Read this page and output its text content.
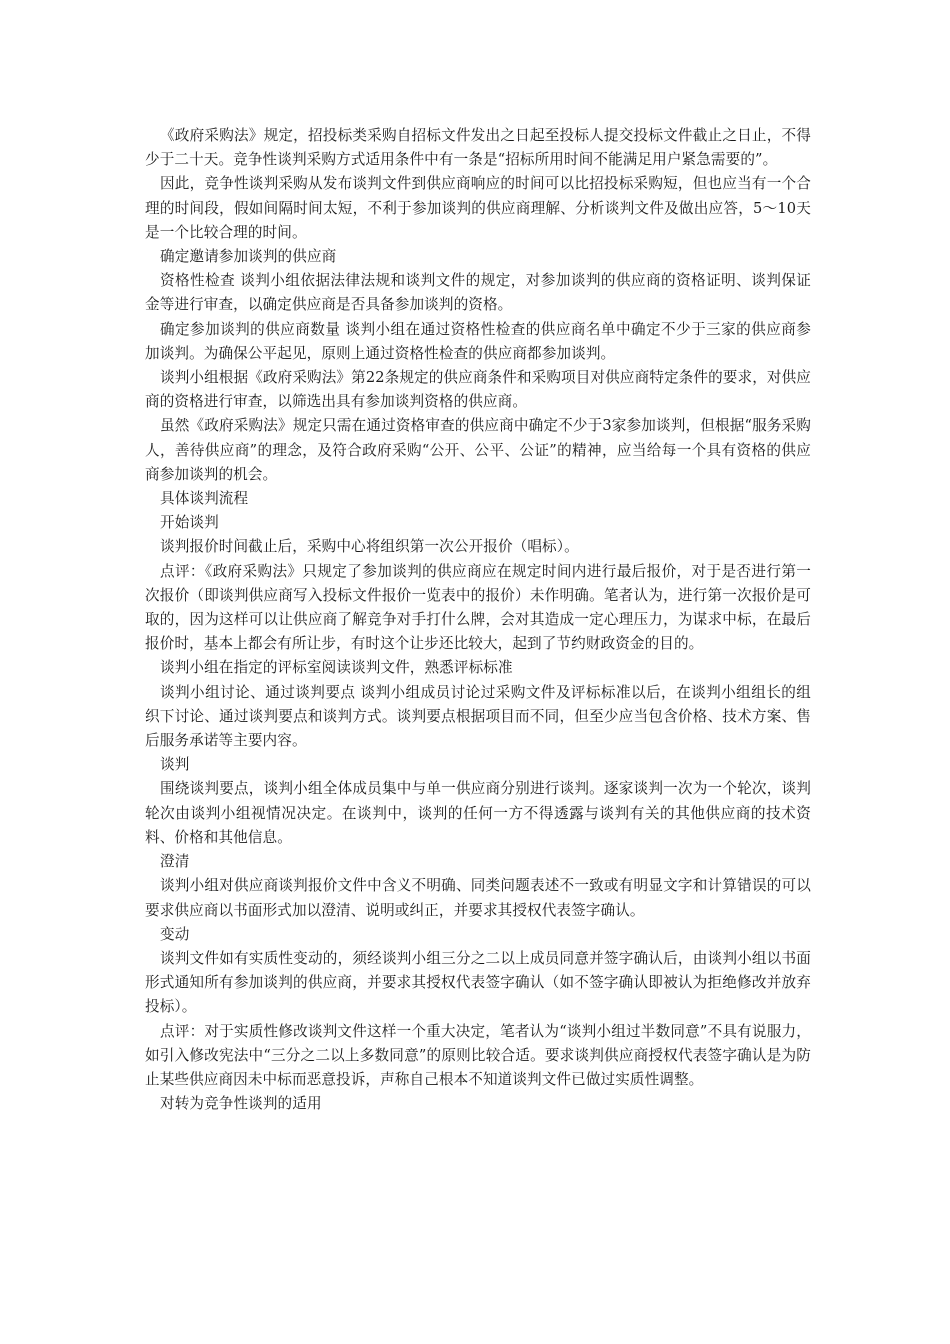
《政府采购法》规定，招投标类采购自招标文件发出之日起至投标人提交投标文件截止之日止，不得少于二十天。竞争性谈判采购方式适用条件中有一条是“招标所用时间不能满足用户紧急需要的”。

因此，竞争性谈判采购从发布谈判文件到供应商响应的时间可以比招投标采购短，但也应当有一个合理的时间段，假如间隔时间太短，不利于参加谈判的供应商理解、分析谈判文件及做出应答，5～10天是一个比较合理的时间。

确定邀请参加谈判的供应商

资格性检查 谈判小组依据法律法规和谈判文件的规定，对参加谈判的供应商的资格证明、谈判保证金等进行审查，以确定供应商是否具备参加谈判的资格。

确定参加谈判的供应商数量 谈判小组在通过资格性检查的供应商名单中确定不少于三家的供应商参加谈判。为确保公平起见，原则上通过资格性检查的供应商都参加谈判。

谈判小组根据《政府采购法》第22条规定的供应商条件和采购项目对供应商特定条件的要求，对供应商的资格进行审查，以筛选出具有参加谈判资格的供应商。

虽然《政府采购法》规定只需在通过资格审查的供应商中确定不少于3家参加谈判，但根据“服务采购人，善待供应商”的理念，及符合政府采购“公开、公平、公证”的精神，应当给每一个具有资格的供应商参加谈判的机会。

具体谈判流程

开始谈判

谈判报价时间截止后，采购中心将组织第一次公开报价（唱标）。

点评：《政府采购法》只规定了参加谈判的供应商应在规定时间内进行最后报价，对于是否进行第一次报价（即谈判供应商写入投标文件报价一览表中的报价）未作明确。笔者认为，进行第一次报价是可取的，因为这样可以让供应商了解竞争对手打什么牌，会对其造成一定心理压力，为谋求中标，在最后报价时，基本上都会有所让步，有时这个让步还比较大，起到了节约财政资金的目的。

谈判小组在指定的评标室阅读谈判文件，熟悉评标标准

谈判小组讨论、通过谈判要点 谈判小组成员讨论过采购文件及评标标准以后，在谈判小组组长的组织下讨论、通过谈判要点和谈判方式。谈判要点根据项目而不同，但至少应当包含价格、技术方案、售后服务承诺等主要内容。

谈判

围绕谈判要点，谈判小组全体成员集中与单一供应商分别进行谈判。逐家谈判一次为一个轮次，谈判轮次由谈判小组视情况决定。在谈判中，谈判的任何一方不得透露与谈判有关的其他供应商的技术资料、价格和其他信息。

澄清

谈判小组对供应商谈判报价文件中含义不明确、同类问题表述不一致或有明显文字和计算错误的可以要求供应商以书面形式加以澄清、说明或纠正，并要求其授权代表签字确认。

变动

谈判文件如有实质性变动的，须经谈判小组三分之二以上成员同意并签字确认后，由谈判小组以书面形式通知所有参加谈判的供应商，并要求其授权代表签字确认（如不签字确认即被认为拒绝修改并放弃投标）。

点评：对于实质性修改谈判文件这样一个重大决定，笔者认为“谈判小组过半数同意”不具有说服力，如引入修改宪法中“三分之二以上多数同意”的原则比较合适。要求谈判供应商授权代表签字确认是为防止某些供应商因未中标而恶意投诉，声称自己根本不知道谈判文件已做过实质性调整。

对转为竞争性谈判的适用
